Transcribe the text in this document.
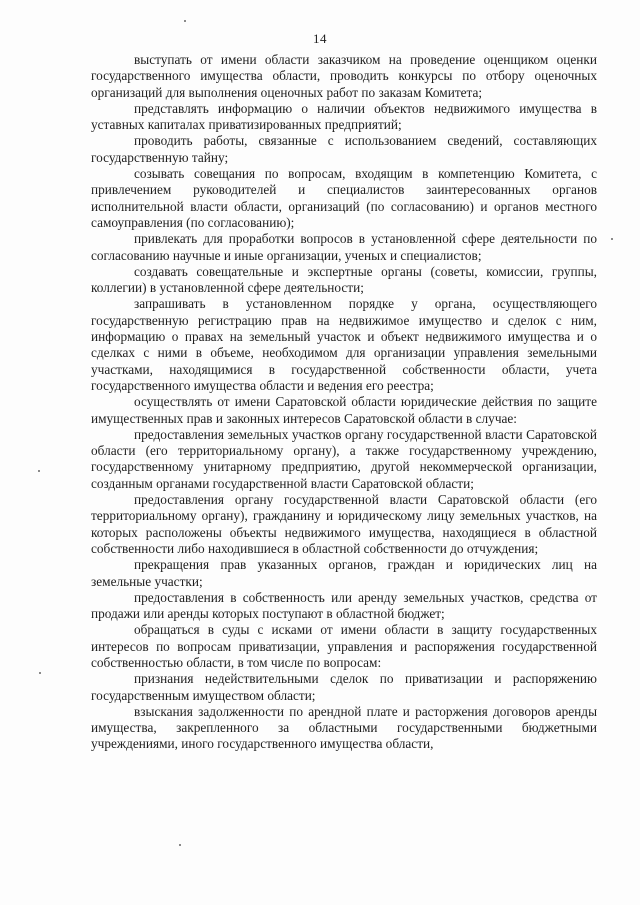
14

выступать от имени области заказчиком на проведение оценщиком оценки государственного имущества области, проводить конкурсы по отбору оценочных организаций для выполнения оценочных работ по заказам Комитета;

представлять информацию о наличии объектов недвижимого имущества в уставных капиталах приватизированных предприятий;

проводить работы, связанные с использованием сведений, составляющих государственную тайну;

созывать совещания по вопросам, входящим в компетенцию Комитета, с привлечением руководителей и специалистов заинтересованных органов исполнительной власти области, организаций (по согласованию) и органов местного самоуправления (по согласованию);

привлекать для проработки вопросов в установленной сфере деятельности по согласованию научные и иные организации, ученых и специалистов;

создавать совещательные и экспертные органы (советы, комиссии, группы, коллегии) в установленной сфере деятельности;

запрашивать в установленном порядке у органа, осуществляющего государственную регистрацию прав на недвижимое имущество и сделок с ним, информацию о правах на земельный участок и объект недвижимого имущества и о сделках с ними в объеме, необходимом для организации управления земельными участками, находящимися в государственной собственности области, учета государственного имущества области и ведения его реестра;

осуществлять от имени Саратовской области юридические действия по защите имущественных прав и законных интересов Саратовской области в случае:

предоставления земельных участков органу государственной власти Саратовской области (его территориальному органу), а также государственному учреждению, государственному унитарному предприятию, другой некоммерческой организации, созданным органами государственной власти Саратовской области;

предоставления органу государственной власти Саратовской области (его территориальному органу), гражданину и юридическому лицу земельных участков, на которых расположены объекты недвижимого имущества, находящиеся в областной собственности либо находившиеся в областной собственности до отчуждения;

прекращения прав указанных органов, граждан и юридических лиц на земельные участки;

предоставления в собственность или аренду земельных участков, средства от продажи или аренды которых поступают в областной бюджет;

обращаться в суды с исками от имени области в защиту государственных интересов по вопросам приватизации, управления и распоряжения государственной собственностью области, в том числе по вопросам:

признания недействительными сделок по приватизации и распоряжению государственным имуществом области;

взыскания задолженности по арендной плате и расторжения договоров аренды имущества, закрепленного за областными государственными бюджетными учреждениями, иного государственного имущества области,
